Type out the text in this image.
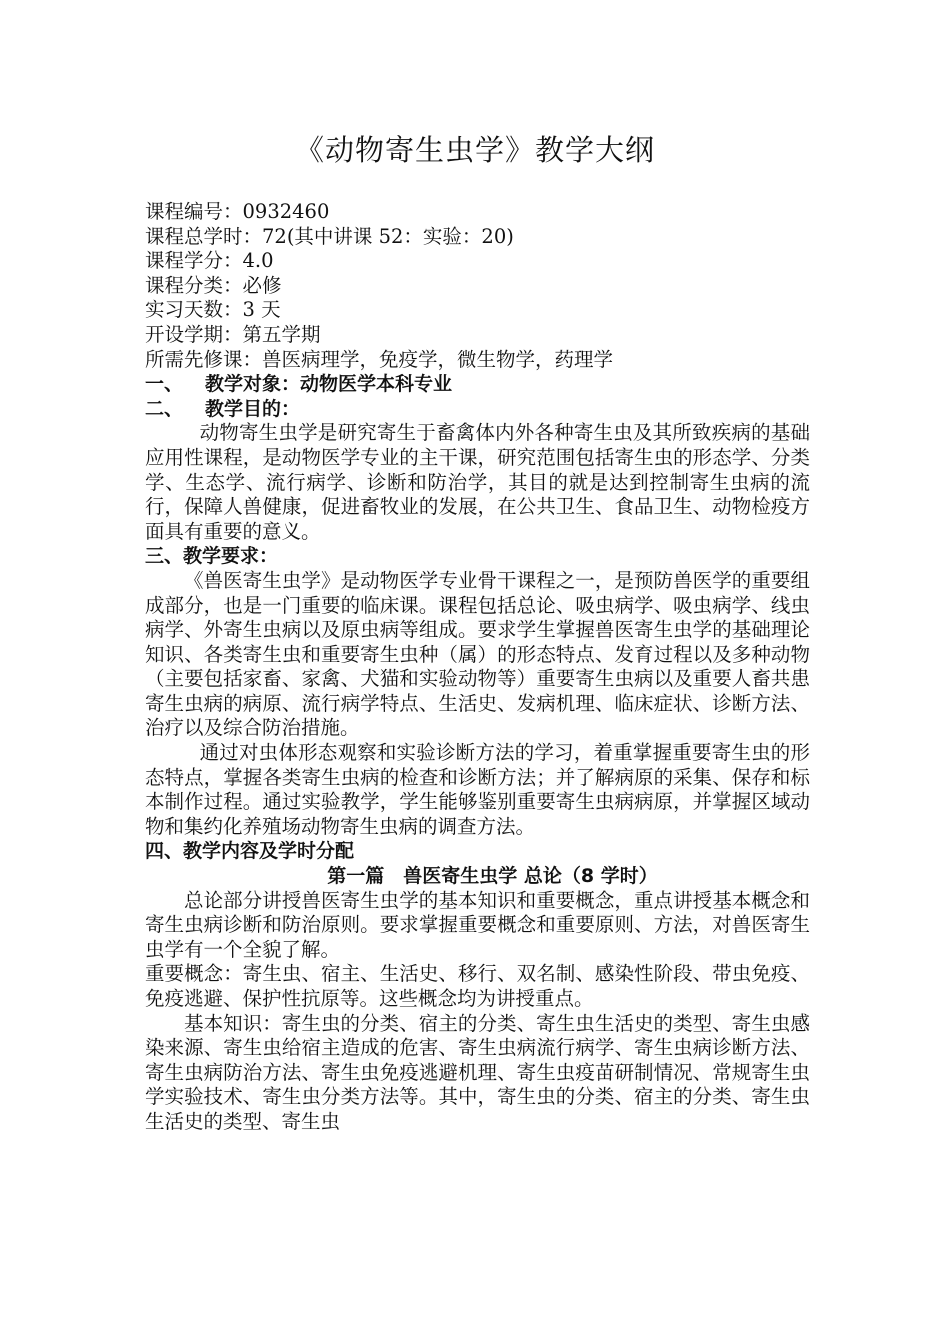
《动物寄生虫学》教学大纲

课程编号：0932460

课程总学时：72(其中讲课 52：实验：20)

课程学分：4.0

课程分类：必修

实习天数：3 天

开设学期：第五学期

所需先修课：兽医病理学，免疫学，微生物学，药理学

一、 教学对象：动物医学本科专业

二、 教学目的：

动物寄生虫学是研究寄生于畜禽体内外各种寄生虫及其所致疾病的基础应用性课程，是动物医学专业的主干课，研究范围包括寄生虫的形态学、分类学、生态学、流行病学、诊断和防治学，其目的就是达到控制寄生虫病的流行，保障人兽健康，促进畜牧业的发展，在公共卫生、食品卫生、动物检疫方面具有重要的意义。

三、教学要求：

《兽医寄生虫学》是动物医学专业骨干课程之一，是预防兽医学的重要组成部分，也是一门重要的临床课。课程包括总论、吸虫病学、吸虫病学、线虫病学、外寄生虫病以及原虫病等组成。要求学生掌握兽医寄生虫学的基础理论知识、各类寄生虫和重要寄生虫种（属）的形态特点、发育过程以及多种动物（主要包括家畜、家禽、犬猫和实验动物等）重要寄生虫病以及重要人畜共患寄生虫病的病原、流行病学特点、生活史、发病机理、临床症状、诊断方法、治疗以及综合防治措施。

通过对虫体形态观察和实验诊断方法的学习，着重掌握重要寄生虫的形态特点，掌握各类寄生虫病的检查和诊断方法；并了解病原的采集、保存和标本制作过程。通过实验教学，学生能够鉴别重要寄生虫病病原，并掌握区域动物和集约化养殖场动物寄生虫病的调查方法。

四、教学内容及学时分配

第一篇　兽医寄生虫学 总论（8 学时）

总论部分讲授兽医寄生虫学的基本知识和重要概念，重点讲授基本概念和寄生虫病诊断和防治原则。要求掌握重要概念和重要原则、方法，对兽医寄生虫学有一个全貌了解。

重要概念：寄生虫、宿主、生活史、移行、双名制、感染性阶段、带虫免疫、免疫逃避、保护性抗原等。这些概念均为讲授重点。

基本知识：寄生虫的分类、宿主的分类、寄生虫生活史的类型、寄生虫感染来源、寄生虫给宿主造成的危害、寄生虫病流行病学、寄生虫病诊断方法、寄生虫病防治方法、寄生虫免疫逃避机理、寄生虫疫苗研制情况、常规寄生虫学实验技术、寄生虫分类方法等。其中，寄生虫的分类、宿主的分类、寄生虫生活史的类型、寄生虫
